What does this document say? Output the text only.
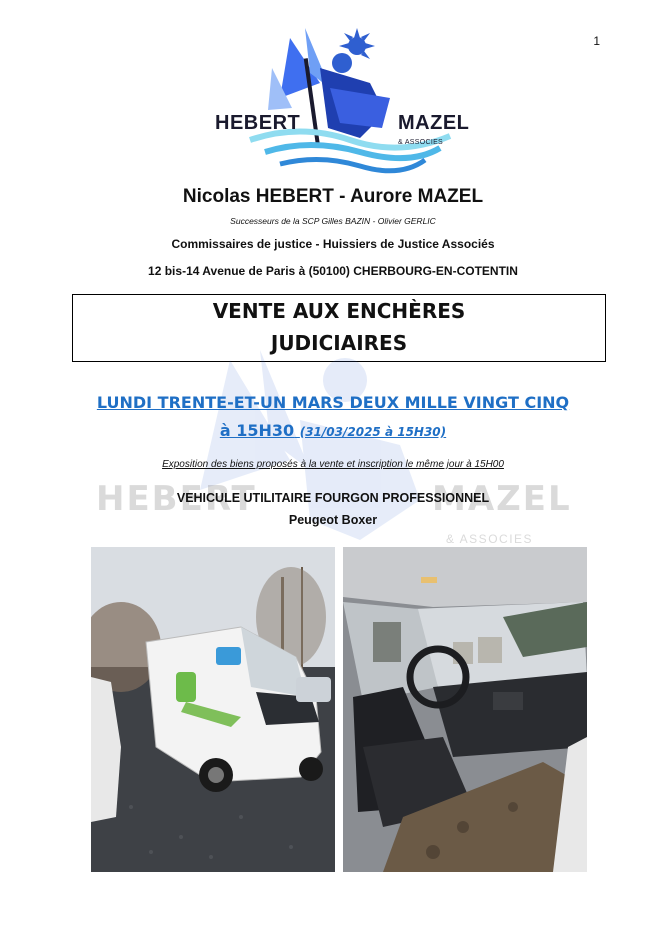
1
HEBERT	MAZEL
& ASSOCIES
Nicolas HEBERT - Aurore MAZEL
Successeurs de la SCP Gilles BAZIN - Olivier GERLIC
Commissaires de justice - Huissiers de Justice Associés
12 bis-14 Avenue de Paris à (50100) CHERBOURG-EN-COTENTIN
VENTE AUX ENCHÈRES
JUDICIAIRES
HEBERT	MAZEL
& ASSOCIES
LUNDI TRENTE-ET-UN MARS DEUX MILLE VINGT CINQ
à 15H30 (31/03/2025 à 15H30)
Exposition des biens proposés à la vente et inscription le même jour à 15H00
VEHICULE UTILITAIRE FOURGON PROFESSIONNEL
Peugeot Boxer
